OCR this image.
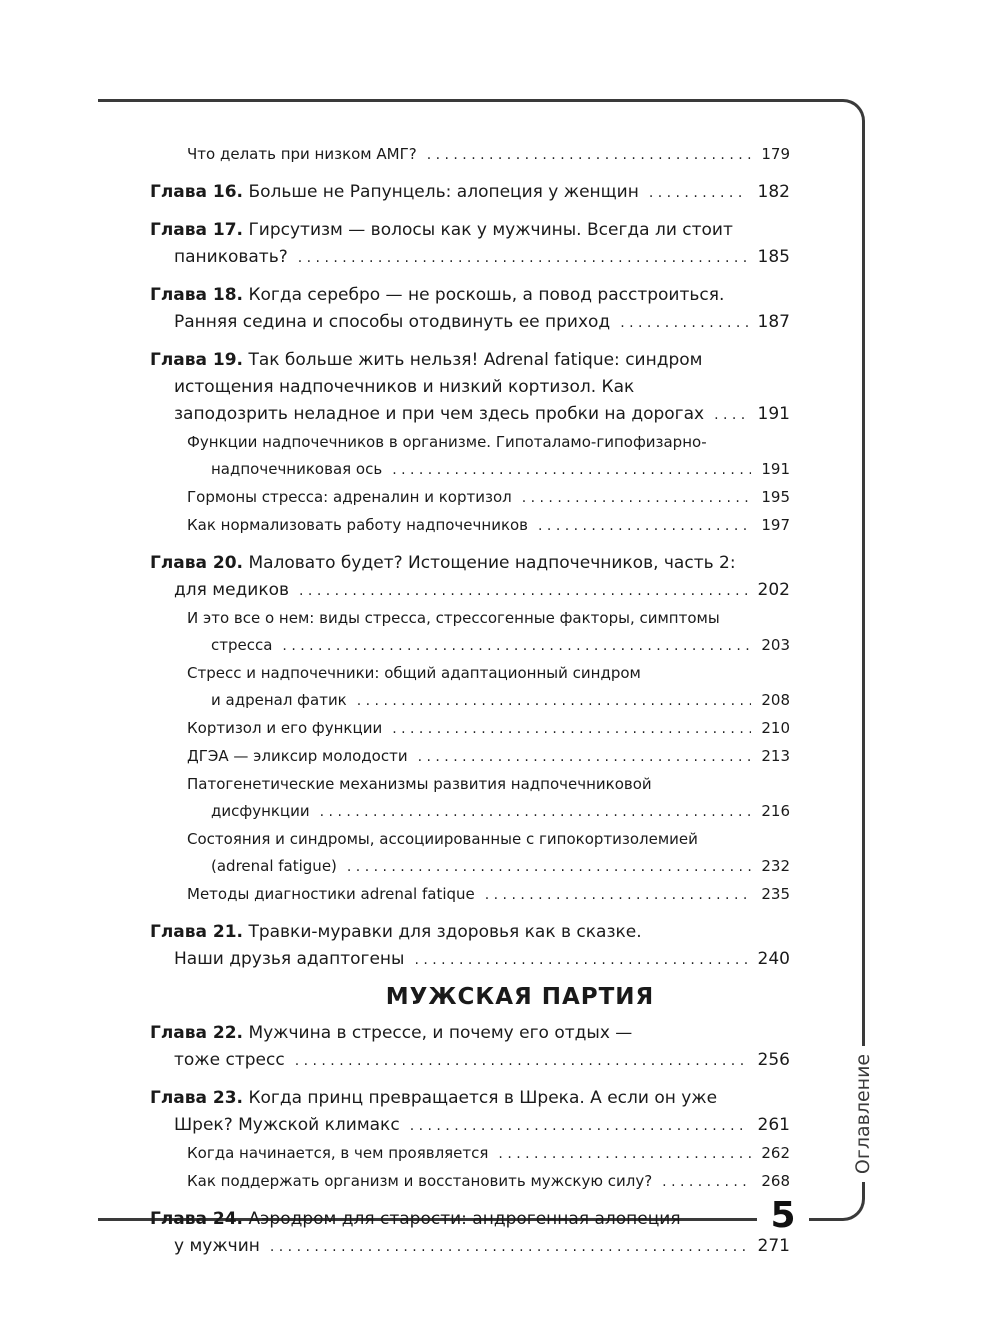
Оглавление
5
Что делать при низком АМГ? . . .	179
Глава 16. Больше не Рапунцель: алопеция у женщин . . .	182
Глава 17. Гирсутизм — волосы как у мужчины. Всегда ли стоит
паниковать? . . .	185
Глава 18. Когда серебро — не роскошь, а повод расстроиться.
Ранняя седина и способы отодвинуть ее приход . . .	187
Глава 19. Так больше жить нельзя! Adrenal fatique: синдром
истощения надпочечников и низкий кортизол. Как
заподозрить неладное и при чем здесь пробки на дорогах . . .	191
Функции надпочечников в организме. Гипоталамо-гипофизарно-
надпочечниковая ось . . .	191
Гормоны стресса: адреналин и кортизол . . .	195
Как нормализовать работу надпочечников . . .	197
Глава 20. Маловато будет? Истощение надпочечников, часть 2:
для медиков . . .	202
И это все о нем: виды стресса, стрессогенные факторы, симптомы
стресса . . .	203
Стресс и надпочечники: общий адаптационный синдром
и адренал фатик . . .	208
Кортизол и его функции . . .	210
ДГЭА — эликсир молодости . . .	213
Патогенетические механизмы развития надпочечниковой
дисфункции . . .	216
Состояния и синдромы, ассоциированные с гипокортизолемией
(adrenal fatigue) . . .	232
Методы диагностики adrenal fatique . . .	235
Глава 21. Травки-муравки для здоровья как в сказке.
Наши друзья адаптогены . . .	240
МУЖСКАЯ ПАРТИЯ
Глава 22. Мужчина в стрессе, и почему его отдых —
тоже стресс . . .	256
Глава 23. Когда принц превращается в Шрека. А если он уже
Шрек? Мужской климакс . . .	261
Когда начинается, в чем проявляется . . .	262
Как поддержать организм и восстановить мужскую силу? . . .	268
Глава 24. Аэродром для старости: андрогенная алопеция
у мужчин . . .	271
